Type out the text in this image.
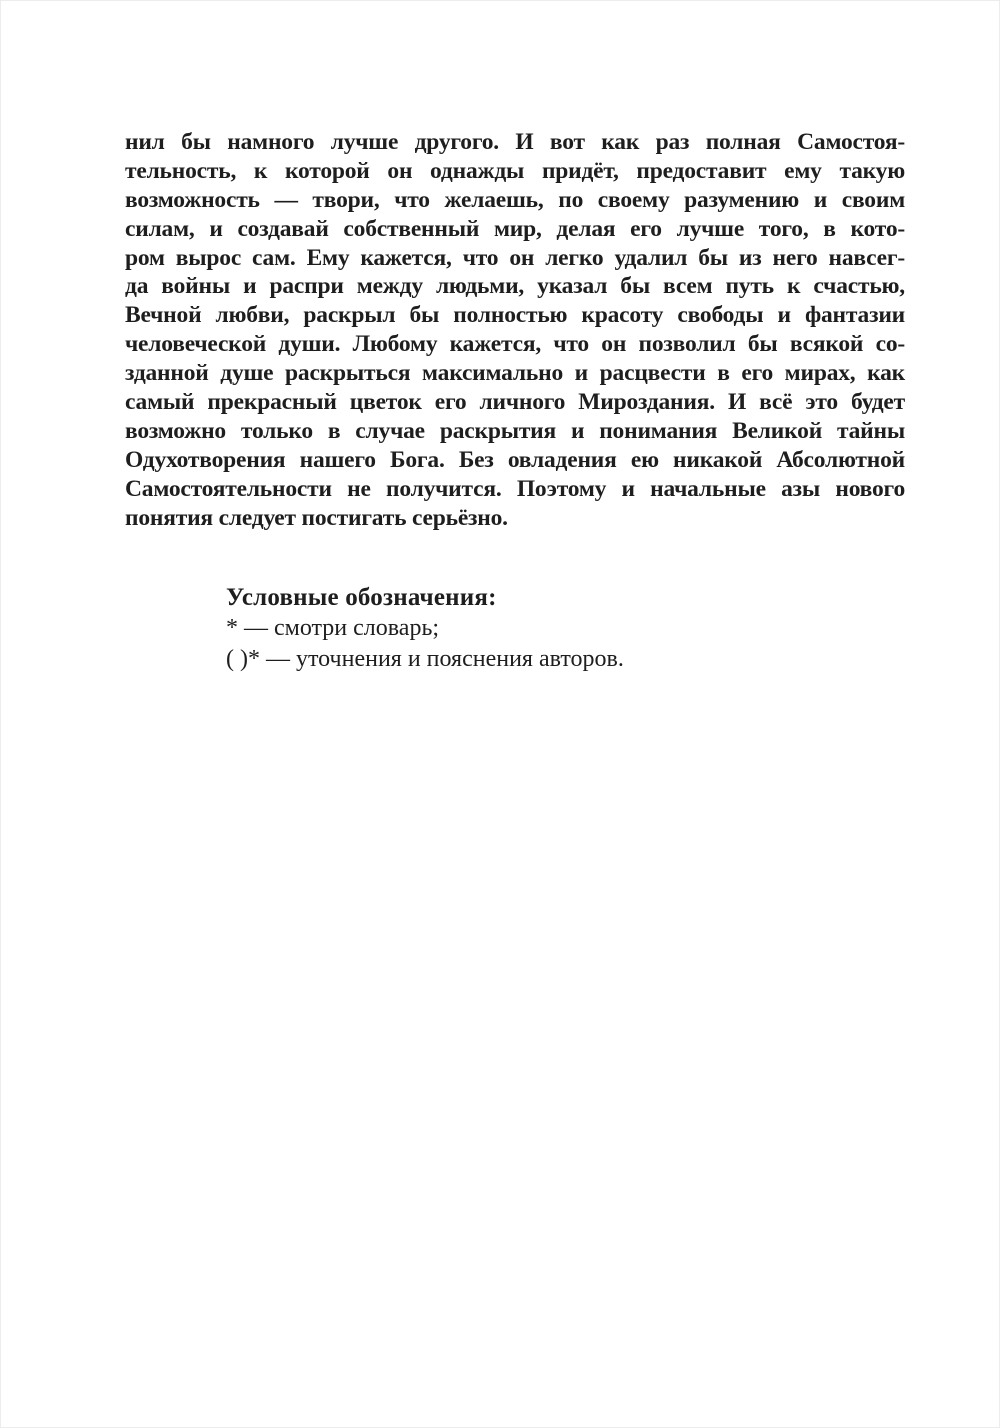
нил бы намного лучше другого. И вот как раз полная Самостоя-
тельность, к которой он однажды придёт, предоставит ему такую
возможность — твори, что желаешь, по своему разумению и своим
силам, и создавай собственный мир, делая его лучше того, в кото-
ром вырос сам. Ему кажется, что он легко удалил бы из него навсег-
да войны и распри между людьми, указал бы всем путь к счастью,
Вечной любви, раскрыл бы полностью красоту свободы и фантазии
человеческой души. Любому кажется, что он позволил бы всякой со-
зданной душе раскрыться максимально и расцвести в его мирах, как
самый прекрасный цветок его личного Мироздания. И всё это будет
возможно только в случае раскрытия и понимания Великой тайны
Одухотворения нашего Бога. Без овладения ею никакой Абсолютной
Самостоятельности не получится. Поэтому и начальные азы нового
понятия следует постигать серьёзно.
Условные обозначения:
* — смотри словарь;
( )* — уточнения и пояснения авторов.
